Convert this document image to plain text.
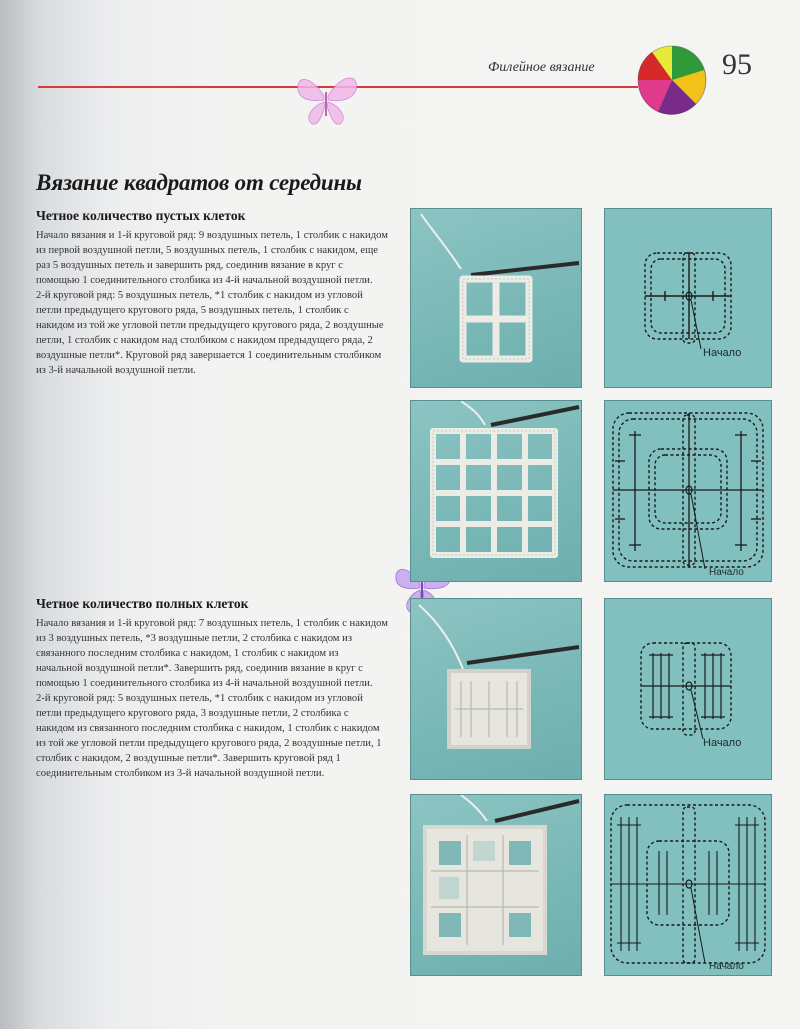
Филейное вязание	95
Вязание квадратов от середины
Четное количество пустых клеток

Начало вязания и 1-й круговой ряд: 9 воздушных петель, 1 столбик с накидом из первой воздушной петли, 5 воздушных петель, 1 столбик с накидом, еще раз 5 воздушных петель и завершить ряд, соединив вязание в круг с помощью 1 соединительного столбика из 4-й начальной воздушной петли.

2-й круговой ряд: 5 воздушных петель, *1 столбик с накидом из угловой петли предыдущего кругового ряда, 5 воздушных петель, 1 столбик с накидом из той же угловой петли предыдущего кругового ряда, 2 воздушные петли, 1 столбик с накидом над столбиком с накидом предыдущего ряда, 2 воздушные петли*. Круговой ряд завершается 1 соединительным столбиком из 3-й начальной воздушной петли.

Четное количество полных клеток

Начало вязания и 1-й круговой ряд: 7 воздушных петель, 1 столбик с накидом из 3 воздушных петель, *3 воздушные петли, 2 столбика с накидом из связанного последним столбика с накидом, 1 столбик с накидом из начальной воздушной петли*. Завершить ряд, соединив вязание в круг с помощью 1 соединительного столбика из 4-й начальной воздушной петли.

2-й круговой ряд: 5 воздушных петель, *1 столбик с накидом из угловой петли предыдущего кругового ряда, 3 воздушные петли, 2 столбика с накидом из связанного последним столбика с накидом, 1 столбик с накидом из той же угловой петли предыдущего кругового ряда, 2 воздушные петли, 1 столбик с накидом, 2 воздушные петли*. Завершить круговой ряд 1 соединительным столбиком из 3-й начальной воздушной петли.

Начало
Начало
Начало
Начало
